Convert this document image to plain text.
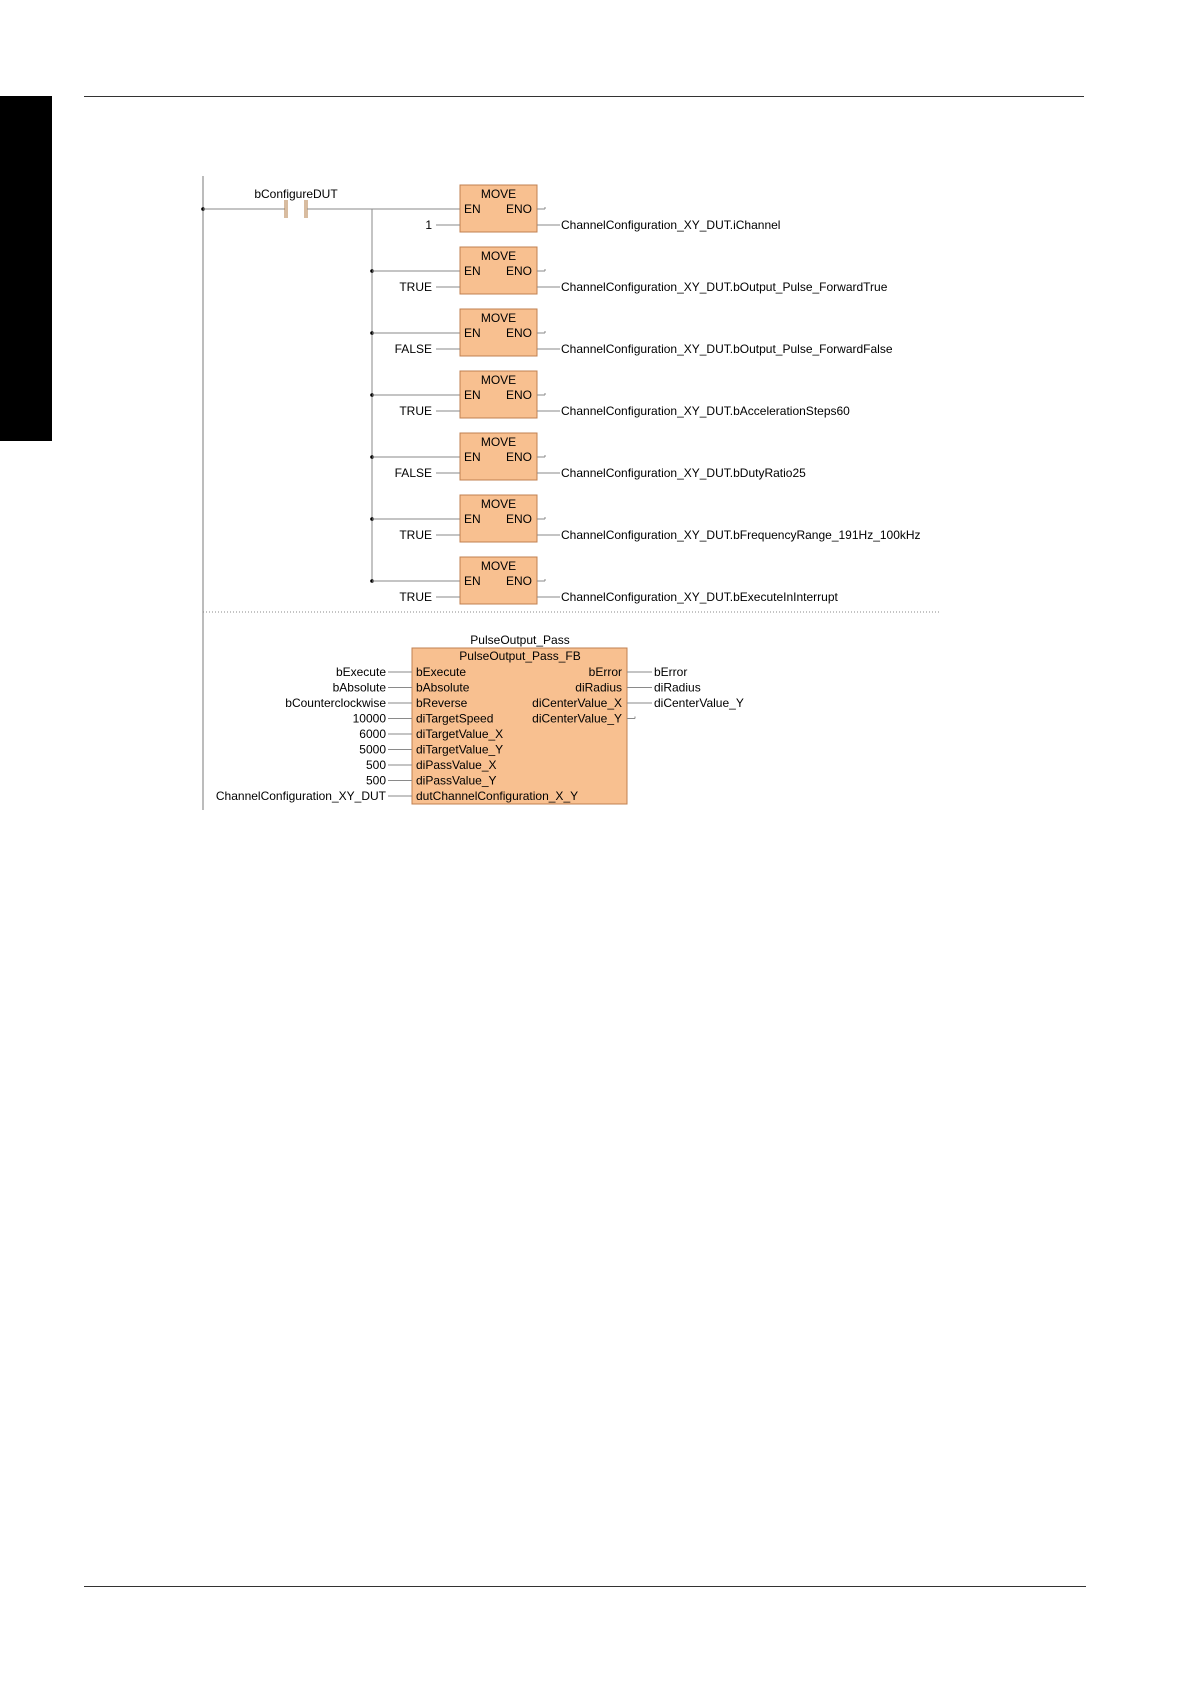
bConfigureDUT	MOVE
EN ENO
1	ChannelConfiguration_XY_DUT.iChannel
MOVE
EN ENO
TRUE	ChannelConfiguration_XY_DUT.bOutput_Pulse_ForwardTrue
MOVE
EN ENO
FALSE	ChannelConfiguration_XY_DUT.bOutput_Pulse_ForwardFalse
MOVE
EN ENO
TRUE	ChannelConfiguration_XY_DUT.bAccelerationSteps60
MOVE
EN ENO
FALSE	ChannelConfiguration_XY_DUT.bDutyRatio25
MOVE
EN ENO
TRUE	ChannelConfiguration_XY_DUT.bFrequencyRange_191Hz_100kHz
MOVE
EN ENO
TRUE	ChannelConfiguration_XY_DUT.bExecuteInInterrupt
PulseOutput_Pass
PulseOutput_Pass_FB
bExecute	bExecute
bAbsolute	bAbsolute
bCounterclockwise	bReverse
10000	diTargetSpeed
6000	diTargetValue_X
5000	diTargetValue_Y
500	diPassValue_X
500	diPassValue_Y
ChannelConfiguration_XY_DUT	dutChannelConfiguration_X_Y
bError	bError
diRadius	diRadius
diCenterValue_X	diCenterValue_Y
diCenterValue_Y
